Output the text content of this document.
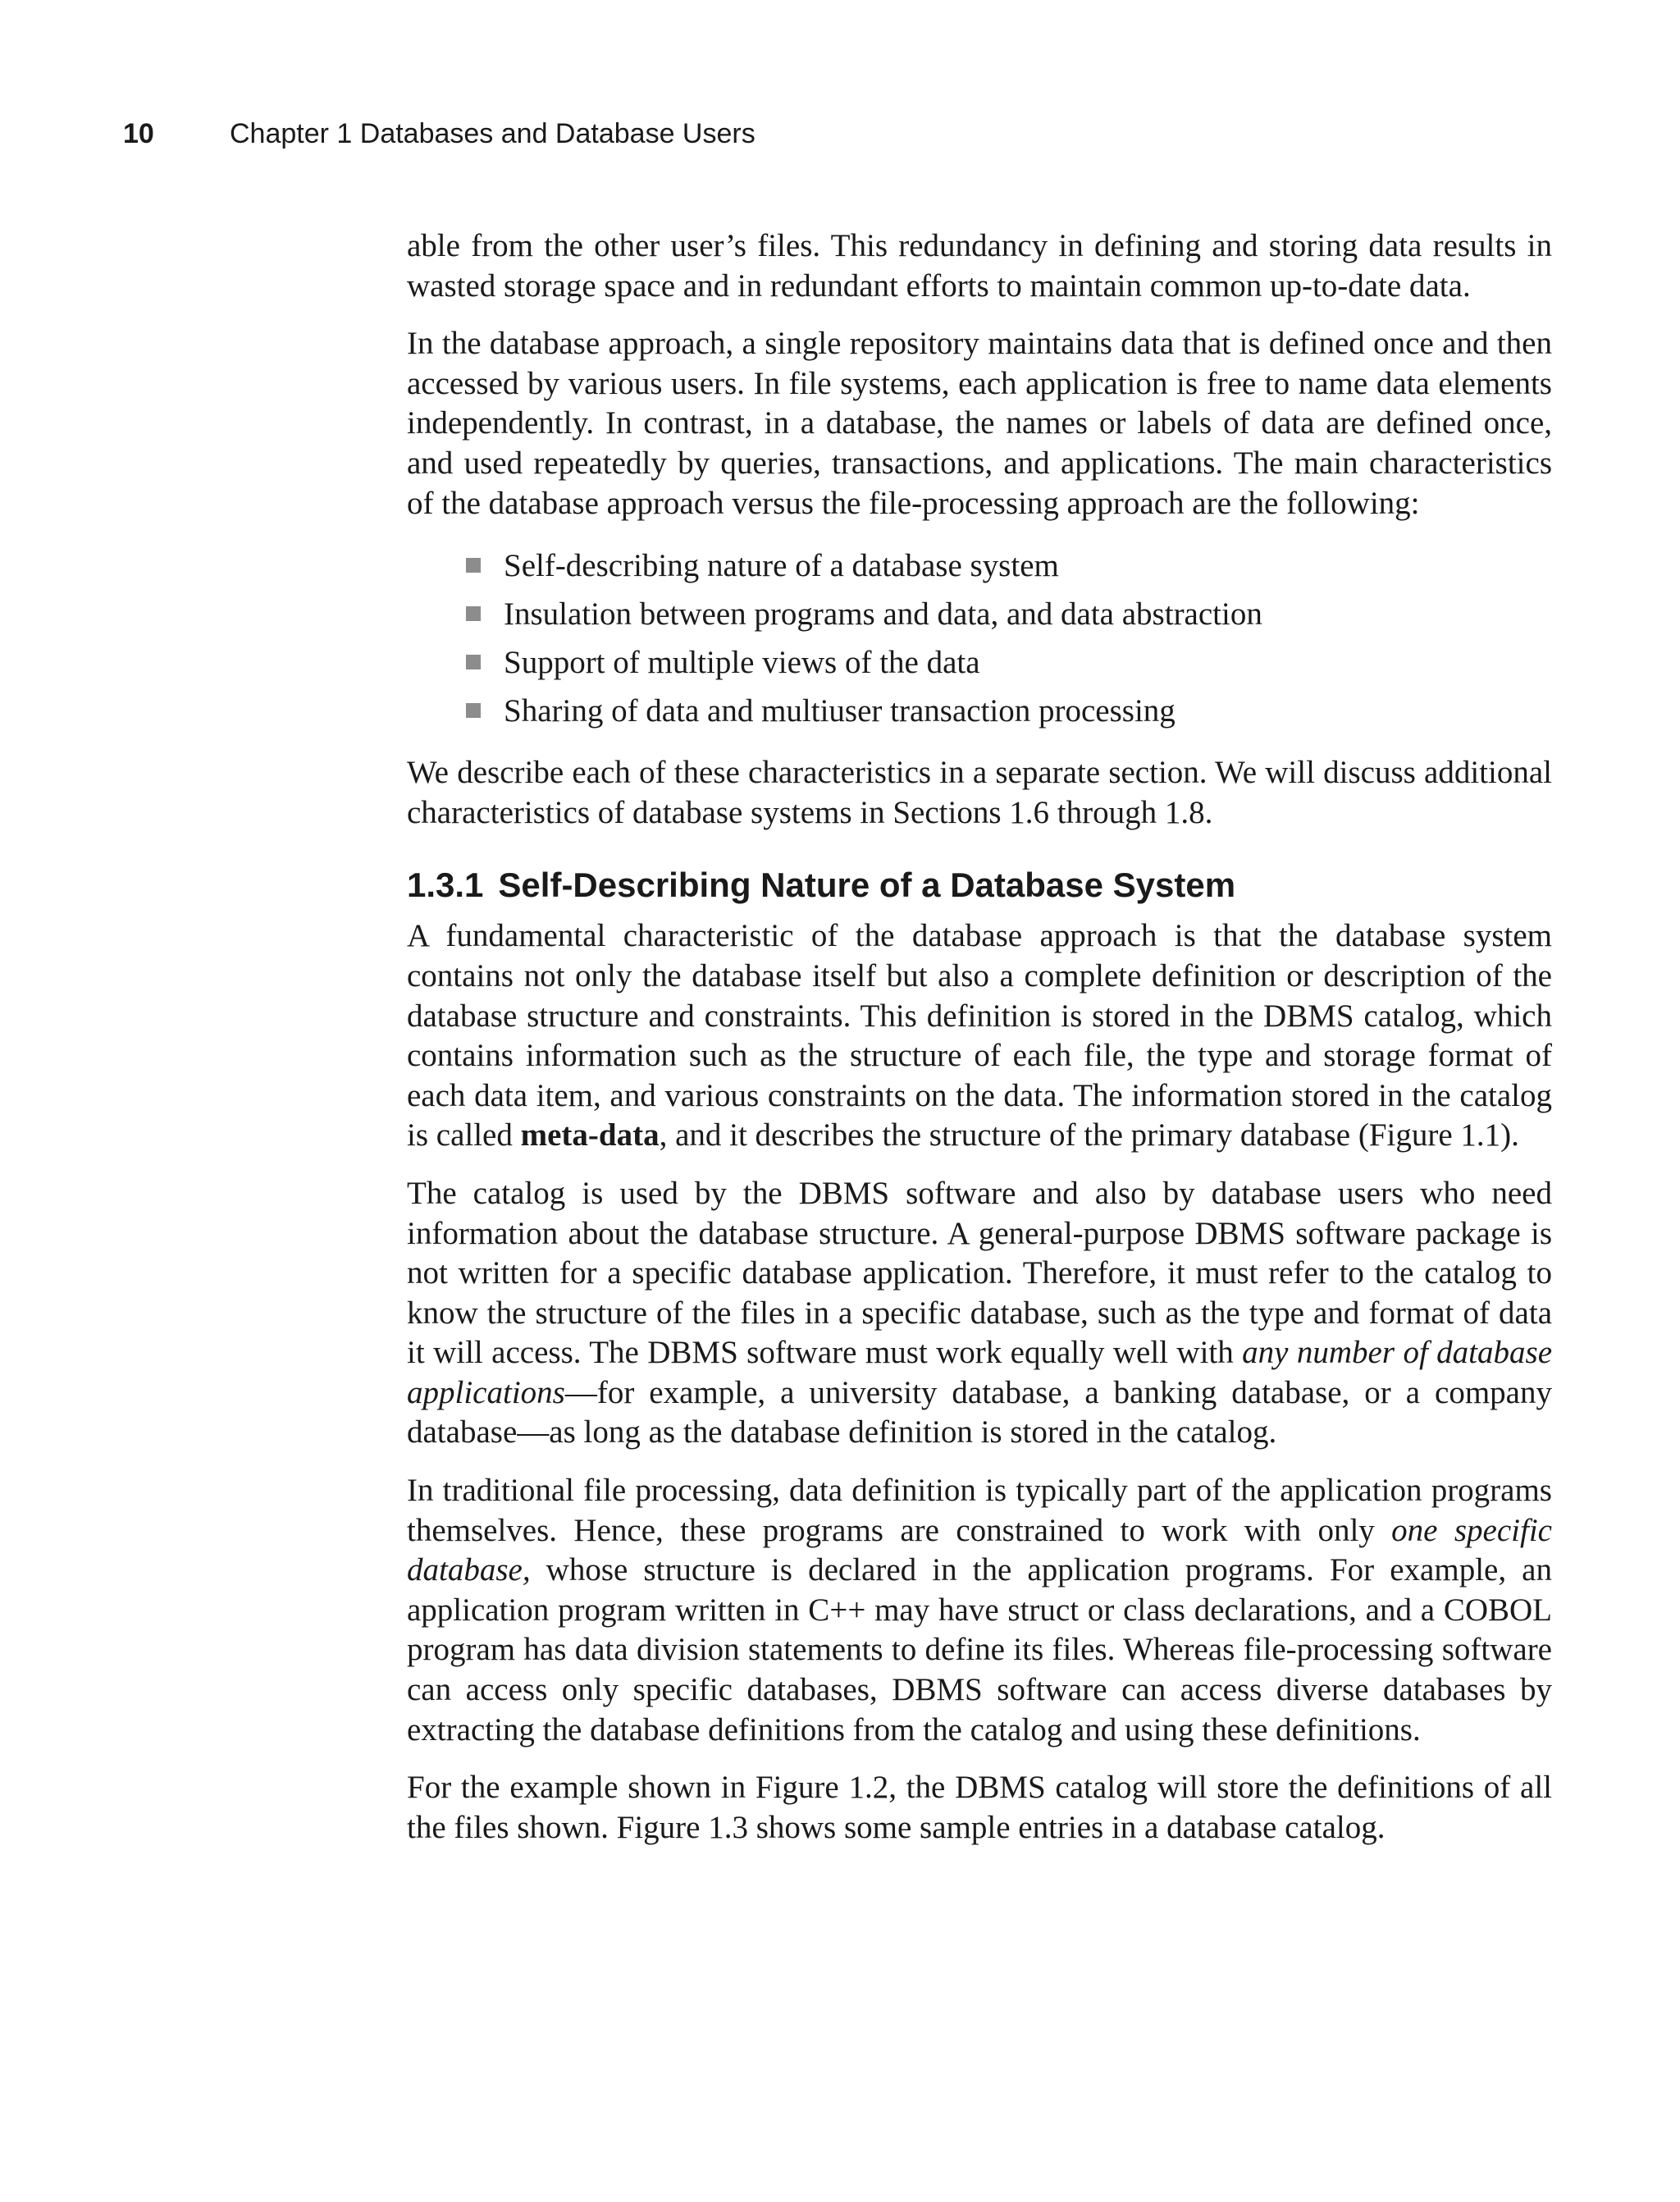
10	Chapter 1 Databases and Database Users

able from the other user’s files. This redundancy in defining and storing data results in wasted storage space and in redundant efforts to maintain common up-to-date data.

In the database approach, a single repository maintains data that is defined once and then accessed by various users. In file systems, each application is free to name data elements independently. In contrast, in a database, the names or labels of data are defined once, and used repeatedly by queries, transactions, and applications. The main characteristics of the database approach versus the file-processing approach are the following:

Self-describing nature of a database system
Insulation between programs and data, and data abstraction
Support of multiple views of the data
Sharing of data and multiuser transaction processing

We describe each of these characteristics in a separate section. We will discuss additional characteristics of database systems in Sections 1.6 through 1.8.

1.3.1 Self-Describing Nature of a Database System

A fundamental characteristic of the database approach is that the database system contains not only the database itself but also a complete definition or description of the database structure and constraints. This definition is stored in the DBMS catalog, which contains information such as the structure of each file, the type and storage format of each data item, and various constraints on the data. The information stored in the catalog is called meta-data, and it describes the structure of the primary database (Figure 1.1).

The catalog is used by the DBMS software and also by database users who need information about the database structure. A general-purpose DBMS software package is not written for a specific database application. Therefore, it must refer to the catalog to know the structure of the files in a specific database, such as the type and format of data it will access. The DBMS software must work equally well with any number of database applications—for example, a university database, a banking database, or a company database—as long as the database definition is stored in the catalog.

In traditional file processing, data definition is typically part of the application programs themselves. Hence, these programs are constrained to work with only one specific database, whose structure is declared in the application programs. For example, an application program written in C++ may have struct or class declarations, and a COBOL program has data division statements to define its files. Whereas file-processing software can access only specific databases, DBMS software can access diverse databases by extracting the database definitions from the catalog and using these definitions.

For the example shown in Figure 1.2, the DBMS catalog will store the definitions of all the files shown. Figure 1.3 shows some sample entries in a database catalog.
